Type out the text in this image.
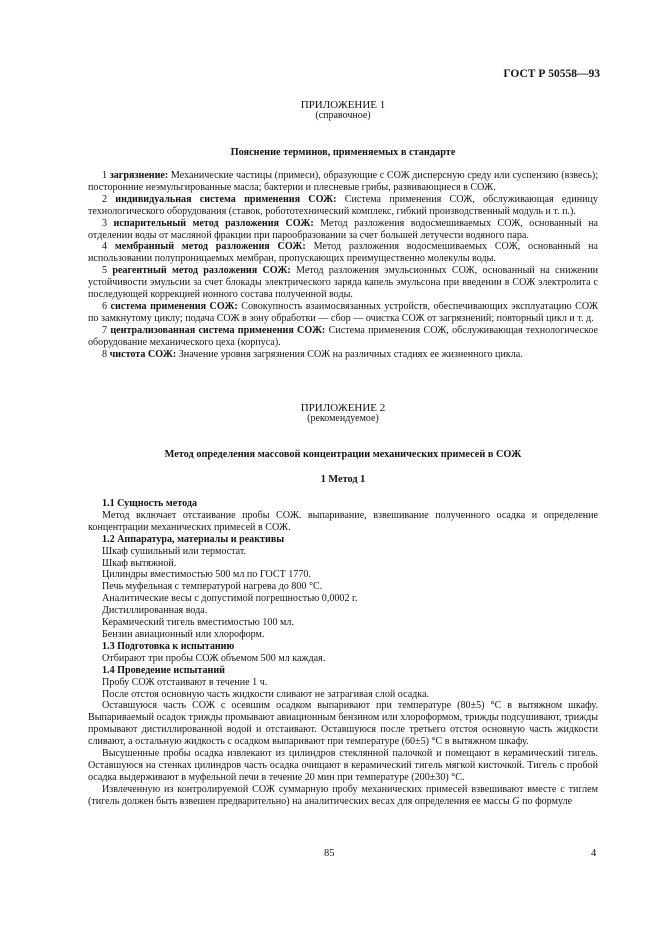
ГОСТ Р 50558—93
ПРИЛОЖЕНИЕ 1
(справочное)
Пояснение терминов, применяемых в стандарте

1 загрязнение: Механические частицы (примеси), образующие с СОЖ дисперсную среду или суспензию (взвесь); посторонние неэмульгированные масла; бактерии и плесневые грибы, развивающиеся в СОЖ.

2 индивидуальная система применения СОЖ: Система применения СОЖ, обслуживающая единицу технологического оборудования (ставок, робототехнический комплекс, гибкий производственный модуль и т. п.).

3 испарительный метод разложения СОЖ: Метод разложения водосмешиваемых СОЖ, основанный на отделении воды от масляной фракции при парообразовании за счет большей летучести водяного пара.

4 мембранный метод разложения СОЖ: Метод разложения водосмешиваемых СОЖ, основанный на использовании полупроницаемых мембран, пропускающих преимущественно молекулы воды.

5 реагентный метод разложения СОЖ: Метод разложения эмульсионных СОЖ, основанный на снижении устойчивости эмульсии за счет блокады электрического заряда капель эмульсона при введении в СОЖ электролита с последующей коррекцией ионного состава полученной воды.

6 система применения СОЖ: Совокупность взаимосвязанных устройств, обеспечивающих эксплуатацию СОЖ по замкнутому циклу; подача СОЖ в зону обработки — сбор — очистка СОЖ от загрязнений; повторный цикл и т. д.

7 централизованная система применения СОЖ: Система применения СОЖ, обслуживающая технологическое оборудование механического цеха (корпуса).

8 чистота СОЖ: Значение уровня загрязнения СОЖ на различных стадиях ее жизненного цикла.

ПРИЛОЖЕНИЕ 2
(рекомендуемое)
Метод определения массовой концентрации механических примесей в СОЖ
1 Метод 1

1.1 Сущность метода

Метод включает отстаивание пробы СОЖ. выпаривание, взвешивание полученного осадка и определение концентрации механических примесей в СОЖ.

1.2 Аппаратура, материалы и реактивы

Шкаф сушильный или термостат.

Шкаф вытяжной.

Цилиндры вместимостью 500 мл по ГОСТ 1770.

Печь муфельная с температурой нагрева до 800 °С.

Аналитические весы с допустимой погрешностью 0,0002 г.

Дистиллированная вода.

Керамический тигель вместимостью 100 мл.

Бензин авиационный или хлороформ.

1.3 Подготовка к испытанию

Отбирают три пробы СОЖ объемом 500 мл каждая.

1.4 Проведение испытаний

Пробу СОЖ отстаивают в течение 1 ч.

После отстоя основную часть жидкости сливают не затрагивая слой осадка.

Оставшуюся часть СОЖ с осевшим осадком выпаривают при температуре (80±5) °С в вытяжном шкафу. Выпариваемый осадок трижды промывают авиационным бензином или хлороформом, трижды подсушивают, трижды промывают дистиллированной водой и отстаивают. Оставшуюся после третьего отстоя основную часть жидкости сливают, а остальную жидкость с осадком выпаривают при температуре (60±5) °С в вытяжном шкафу.

Высушенные пробы осадка извлекают из цилиндров стеклянной палочкой и помещают в керамический тигель. Оставшуюся на стенках цилиндров часть осадка очищают в керамический тигель мягкой кисточкой. Тигель с пробой осадка выдерживают в муфельной печи в течение 20 мин при температуре (200±30) °С.

Извлеченную из контролируемой СОЖ суммарную пробу механических примесей взвешивают вместе с тиглем (тигель должен быть взвешен предварительно) на аналитических весах для определения ее массы G по формуле

85	4
